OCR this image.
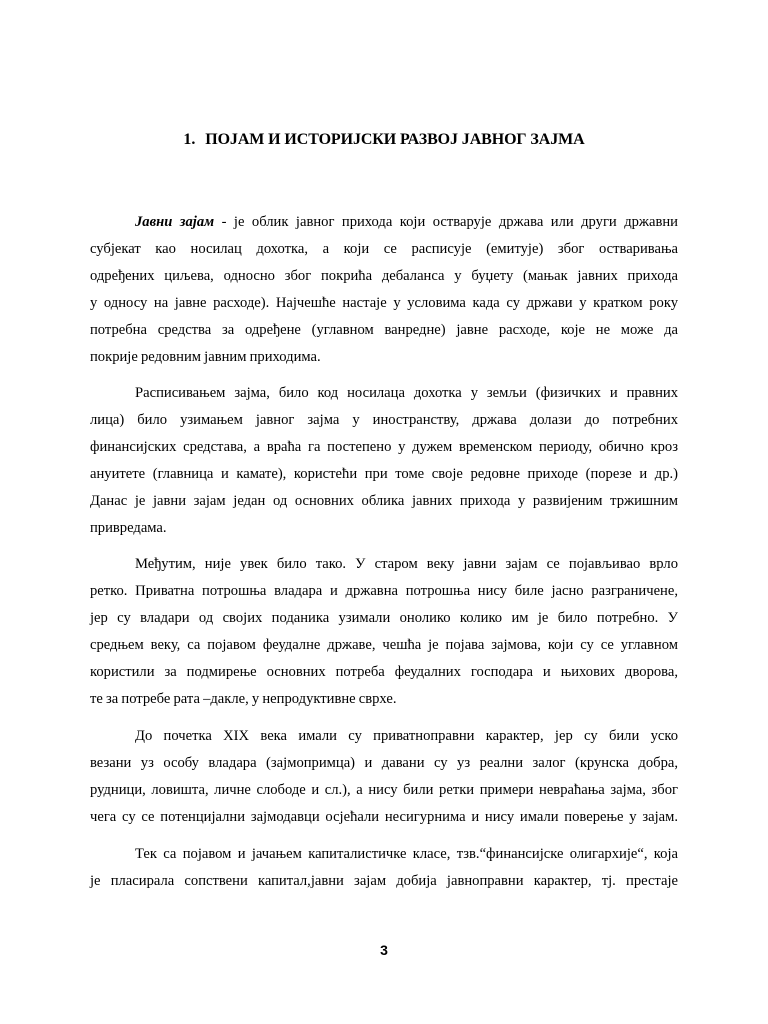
1. ПОЈАМ И ИСТОРИЈСКИ РАЗВОЈ ЈАВНОГ ЗАЈМА
Јавни зајам - је облик јавног прихода који остварује држава или други државни
субјекат као носилац дохотка, а који се расписује (емитује) због остваривања
одређених циљева, односно због покрића дебаланса у буџету (мањак јавних прихода
у односу на јавне расходе). Најчешће настаје у условима када су држави у кратком року
потребна средства за одређене (углавном ванредне) јавне расходе, које не може да
покрије редовним јавним приходима.
Расписивањем зајма, било код носилаца дохотка у земљи (физичких и правних
лица) било узимањем јавног зајма у иностранству, држава долази до потребних
финансијских средстава, а враћа га постепено у дужем временском периоду, обично кроз
ануитете (главница и камате), користећи при томе своје редовне приходе (порезе и др.)
Данас је јавни зајам један од основних облика јавних прихода у развијеним тржишним
привредама.
Међутим, није увек било тако. У старом веку јавни зајам се појављивао врло
ретко. Приватна потрошња владара и државна потрошња нису биле јасно разграничене,
јер су владари од својих поданика узимали онолико колико им је било потребно. У
средњем веку, са појавом феудалне државе, чешћа је појава зајмова, који су се углавном
користили за подмирење основних потреба феудалних господара и њихових дворова,
те за потребе рата –дакле, у непродуктивне сврхе.
До почетка XIX века имали су приватноправни карактер, јер су били уско
везани уз особу владара (зајмопримца) и давани су уз реални залог (крунска добра,
рудници, ловишта, личне слободе и сл.), а нису били ретки примери невраћања зајма, због
чега су се потенцијални зајмодавци осјећали несигурнима и нису имали поверење у зајам.
Тек са појавом и јачањем капиталистичке класе, тзв.“финансијске олигархије“, која
је пласирала сопствени капитал,јавни зајам добија јавноправни карактер, тј. престаје
3
